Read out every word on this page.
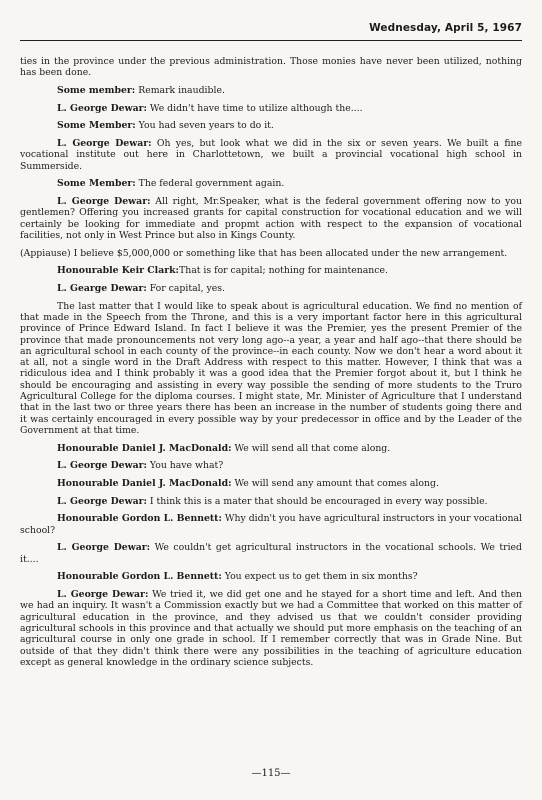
Wednesday, April 5, 1967

ties in the province under the previous administration. Those monies have never been utilized, nothing has been done.

Some member: Remark inaudible.

L. George Dewar: We didn't have time to utilize although the....

Some Member: You had seven years to do it.

L. George Dewar: Oh yes, but look what we did in the six or seven years. We built a fine vocational institute out here in Charlottetown, we built a provincial vocational high school in Summerside.

Some Member: The federal government again.

L. George Dewar: All right, Mr.Speaker, what is the federal government offering now to you gentlemen? Offering you increased grants for capital construction for vocational education and we will certainly be looking for immediate and propmt action with respect to the expansion of vocational facilities, not only in West Prince but also in Kings County.

(Appiause) I believe $5,000,000 or something like that has been allocated under the new arrangement.

Honourable Keir Clark:That is for capital; nothing for maintenance.

L. Gearge Dewar: For capital, yes.

The last matter that I would like to speak about is agricultural education. We find no mention of that made in the Speech from the Throne, and this is a very important factor here in this agricultural province of Prince Edward Island. In fact I believe it was the Premier, yes the present Premier of the province that made pronouncements not very long ago--a year, a year and half ago--that there should be an agricultural school in each county of the province--in each county. Now we don't hear a word about it at all, not a single word in the Draft Address with respect to this matter. However, I think that was a ridiculous idea and I think probably it was a good idea that the Premier forgot about it, but I think he should be encouraging and assisting in every way possible the sending of more students to the Truro Agricultural College for the diploma courses. I might state, Mr. Minister of Agriculture that I understand that in the last two or three years there has been an increase in the number of students going there and it was certainly encouraged in every possible way by your predecessor in office and by the Leader of the Government at that time.

Honourable Daniel J. MacDonald: We will send all that come along.

L. George Dewar: You have what?

Honourable Daniel J. MacDonald: We will send any amount that comes along.

L. George Dewar: I think this is a mater that should be encouraged in every way possible.

Honourable Gordon L. Bennett: Why didn't you have agricultural instructors in your vocational school?

L. George Dewar: We couldn't get agricultural instructors in the vocational schools. We tried it....

Honourable Gordon L. Bennett: You expect us to get them in six months?

L. George Dewar: We tried it, we did get one and he stayed for a short time and left. And then we had an inquiry. It wasn't a Commission exactly but we had a Committee that worked on this matter of agricultural education in the province, and they advised us that we couldn't consider providing agricultural schools in this province and that actually we should put more emphasis on the teaching of an agricultural course in only one grade in school. If I remember correctly that was in Grade Nine. But outside of that they didn't think there were any possibilities in the teaching of agriculture education except as general knowledge in the ordinary science subjects.

—115—
